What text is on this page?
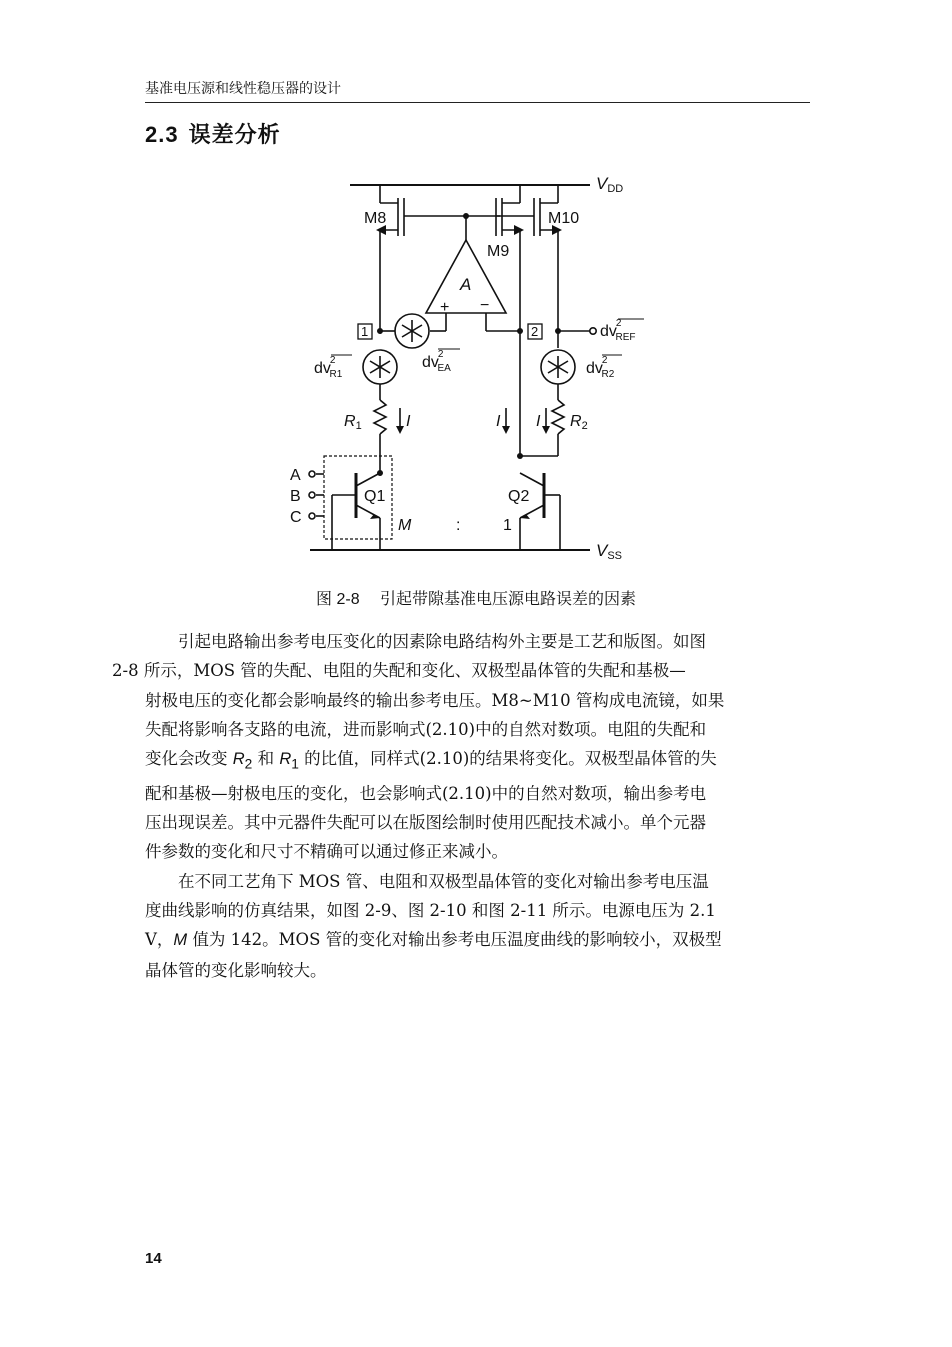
基准电压源和线性稳压器的设计
2.3 误差分析
VDD
VSS
M8
M9
M10
A
+ −
1	2
dv2 R1
dv2 EA	dv2 R2
dv2 REF
R1	R2
I	I I
A
B
C
Q1	Q2
M	:	1
图 2-8 引起带隙基准电压源电路误差的因素

引起电路输出参考电压变化的因素除电路结构外主要是工艺和版图。如图
2-8 所示，MOS 管的失配、电阻的失配和变化、双极型晶体管的失配和基极—
射极电压的变化都会影响最终的输出参考电压。M8~M10 管构成电流镜，如果
失配将影响各支路的电流，进而影响式(2.10)中的自然对数项。电阻的失配和
变化会改变 $R_2$ 和 $R_1$ 的比值，同样式(2.10)的结果将变化。双极型晶体管的失
配和基极—射极电压的变化，也会影响式(2.10)中的自然对数项，输出参考电
压出现误差。其中元器件失配可以在版图绘制时使用匹配技术减小。单个元器
件参数的变化和尺寸不精确可以通过修正来减小。

在不同工艺角下 MOS 管、电阻和双极型晶体管的变化对输出参考电压温
度曲线影响的仿真结果，如图 2-9、图 2-10 和图 2-11 所示。电源电压为 2.1
V，M 值为 142。MOS 管的变化对输出参考电压温度曲线的影响较小，双极型
晶体管的变化影响较大。

14
